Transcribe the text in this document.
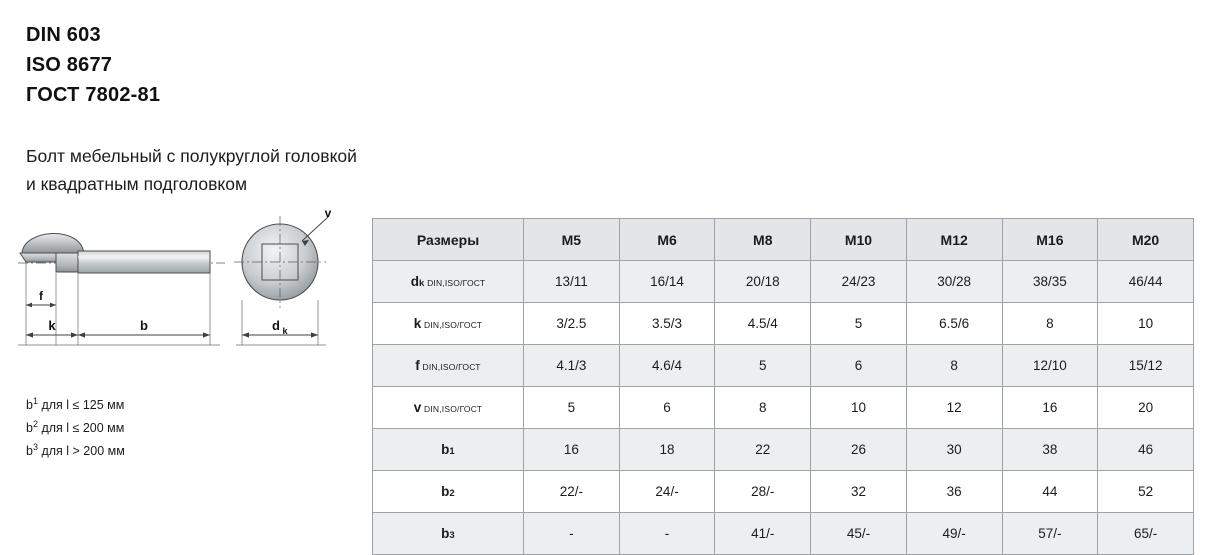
DIN 603
ISO 8677
ГОСТ 7802-81
Болт мебельный с полукруглой головкой
и квадратным подголовком
f
k	b
v
d k
$b^1$ для l ≤ 125 мм
$b^2$ для l ≤ 200 мм
$b^3$ для l > 200 мм
Размеры	M5	M6	M8	M10	M12	M16	M20
dk  DIN,ISO/ГОСТ	13/11	16/14	20/18	24/23	30/28	38/35	46/44
k  DIN,ISO/ГОСТ	3/2.5	3.5/3	4.5/4	5	6.5/6	8	10
f  DIN,ISO/ГОСТ	4.1/3	4.6/4	5	6	8	12/10	15/12
v  DIN,ISO/ГОСТ	5	6	8	10	12	16	20
b1	16	18	22	26	30	38	46
b2	22/-	24/-	28/-	32	36	44	52
b3	-	-	41/-	45/-	49/-	57/-	65/-
